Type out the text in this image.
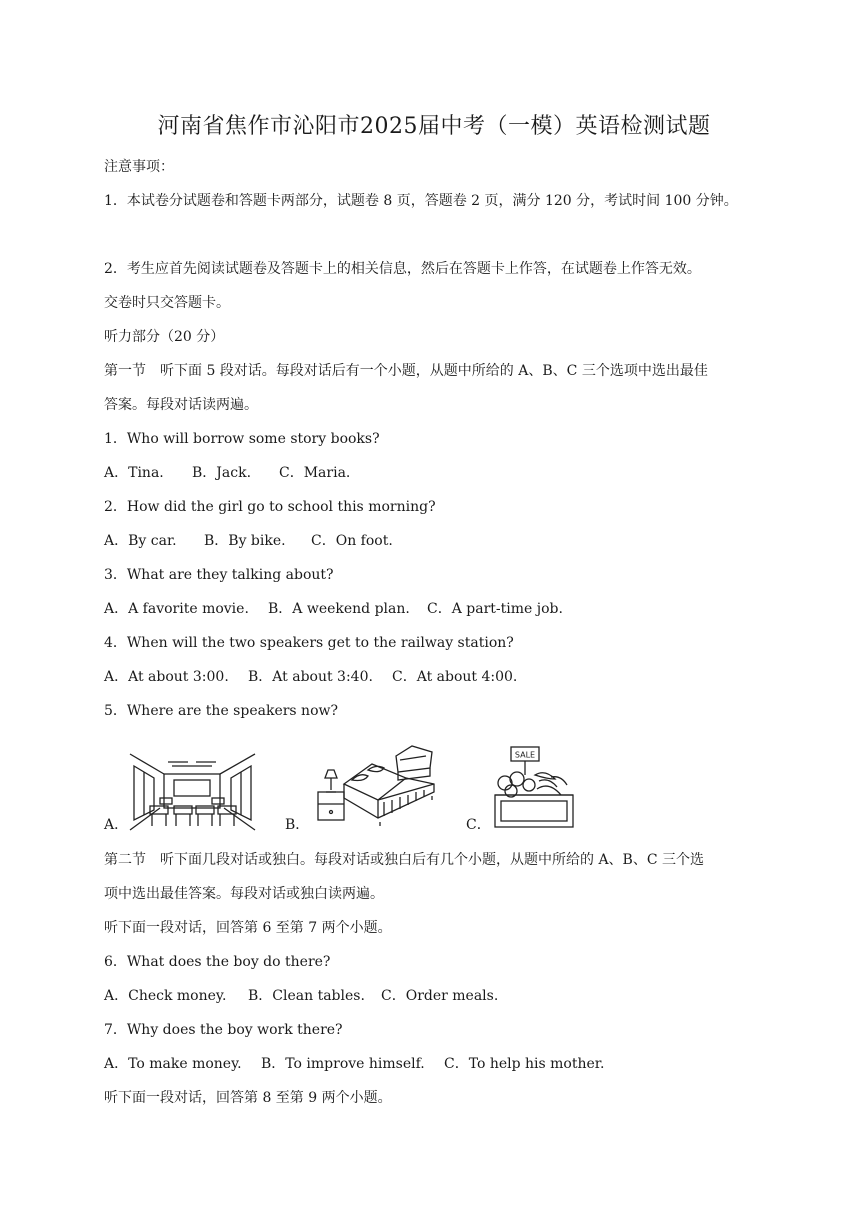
河南省焦作市沁阳市2025届中考（一模）英语检测试题
注意事项：
1．本试卷分试题卷和答题卡两部分，试题卷 8 页，答题卷 2 页，满分 120 分，考试时间 100 分钟。
2．考生应首先阅读试题卷及答题卡上的相关信息，然后在答题卡上作答，在试题卷上作答无效。
交卷时只交答题卡。
听力部分（20 分）
第一节　听下面 5 段对话。每段对话后有一个小题，从题中所给的 A、B、C 三个选项中选出最佳
答案。每段对话读两遍。
1．Who will borrow some story books?
A．Tina. B．Jack. C．Maria.
2．How did the girl go to school this morning?
A．By car. B．By bike. C．On foot.
3．What are they talking about?
A．A favorite movie. B．A weekend plan. C．A part-time job.
4．When will the two speakers get to the railway station?
A．At about 3:00. B．At about 3:40. C．At about 4:00.
5．Where are the speakers now?
A．	B．
SALE
C．
第二节　听下面几段对话或独白。每段对话或独白后有几个小题，从题中所给的 A、B、C 三个选
项中选出最佳答案。每段对话或独白读两遍。
听下面一段对话，回答第 6 至第 7 两个小题。
6．What does the boy do there?
A．Check money. B．Clean tables. C．Order meals.
7．Why does the boy work there?
A．To make money. B．To improve himself. C．To help his mother.
听下面一段对话，回答第 8 至第 9 两个小题。
